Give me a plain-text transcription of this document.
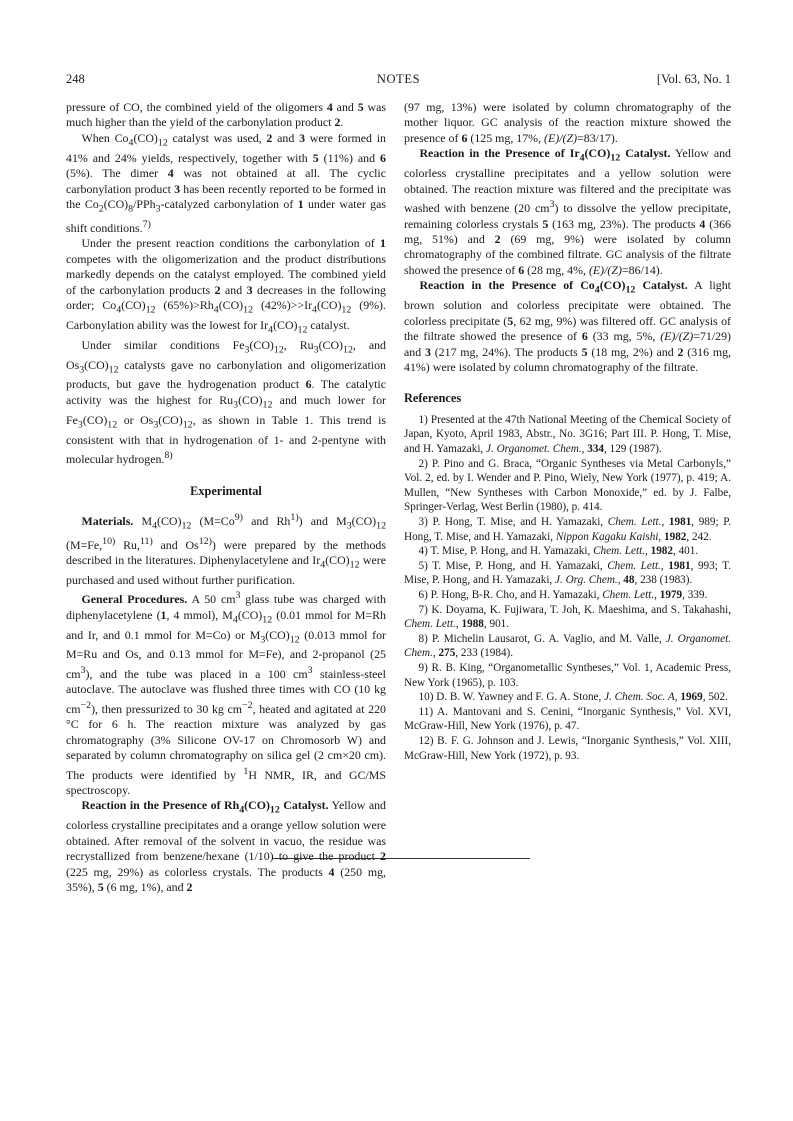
248	NOTES	[Vol. 63, No. 1

pressure of CO, the combined yield of the oligomers 4 and 5 was much higher than the yield of the carbonylation product 2.

When $Co_4(CO)_{12}$ catalyst was used, 2 and 3 were formed in 41% and 24% yields, respectively, together with 5 (11%) and 6 (5%). The dimer 4 was not obtained at all. The cyclic carbonylation product 3 has been recently reported to be formed in the $Co_2(CO)_8/PPh_3$-catalyzed carbonylation of 1 under water gas shift conditions.$^{7)}$

Under the present reaction conditions the carbonylation of 1 competes with the oligomerization and the product distributions markedly depends on the catalyst employed. The combined yield of the carbonylation products 2 and 3 decreases in the following order; $Co_4(CO)_{12}$ $(65\%)>Rh_4(CO)_{12}$ $(42\%)>>Ir_4(CO)_{12}$ (9%). Carbonylation ability was the lowest for $Ir_4(CO)_{12}$ catalyst.

Under similar conditions $Fe_3(CO)_{12}$, $Ru_3(CO)_{12}$, and $Os_3(CO)_{12}$ catalysts gave no carbonylation and oligomerization products, but gave the hydrogenation product 6. The catalytic activity was the highest for $Ru_3(CO)_{12}$ and much lower for $Fe_3(CO)_{12}$ or $Os_3(CO)_{12}$, as shown in Table 1. This trend is consistent with that in hydrogenation of 1- and 2-pentyne with molecular hydrogen.$^{8)}$

Experimental

Materials. $M_4(CO)_{12}$ ($M=Co^{9)}$ and Rh$^{1)}$) and $M_3(CO)_{12}$ (M=Fe,$^{10)}$ Ru,$^{11)}$ and Os$^{12)}$) were prepared by the methods described in the literatures. Diphenylacetylene and $Ir_4(CO)_{12}$ were purchased and used without further purification.

General Procedures. A 50 $cm^3$ glass tube was charged with diphenylacetylene (1, 4 mmol), $M_4(CO)_{12}$ (0.01 mmol for M=Rh and Ir, and 0.1 mmol for M=Co) or $M_3(CO)_{12}$ (0.013 mmol for M=Ru and Os, and 0.13 mmol for M=Fe), and 2-propanol (25 $cm^3$), and the tube was placed in a 100 $cm^3$ stainless-steel autoclave. The autoclave was flushed three times with CO (10 kg $cm^{-2}$), then pressurized to 30 kg $cm^{-2}$, heated and agitated at 220 °C for 6 h. The reaction mixture was analyzed by gas chromatography (3% Silicone OV-17 on Chromosorb W) and separated by column chromatography on silica gel (2 cm×20 cm). The products were identified by $^1$H NMR, IR, and GC/MS spectroscopy.

Reaction in the Presence of $Rh_4(CO)_{12}$ Catalyst. Yellow and colorless crystalline precipitates and a orange yellow solution were obtained. After removal of the solvent in vacuo, the residue was recrystallized from benzene/hexane (1/10) to give the product 2 (225 mg, 29%) as colorless crystals. The products 4 (250 mg, 35%), 5 (6 mg, 1%), and 2

(97 mg, 13%) were isolated by column chromatography of the mother liquor. GC analysis of the reaction mixture showed the presence of 6 (125 mg, 17%, (E)/(Z)=83/17).

Reaction in the Presence of $Ir_4(CO)_{12}$ Catalyst. Yellow and colorless crystalline precipitates and a yellow solution were obtained. The reaction mixture was filtered and the precipitate was washed with benzene (20 $cm^3$) to dissolve the yellow precipitate, remaining colorless crystals 5 (163 mg, 23%). The products 4 (366 mg, 51%) and 2 (69 mg, 9%) were isolated by column chromatography of the combined filtrate. GC analysis of the filtrate showed the presence of 6 (28 mg, 4%, (E)/(Z)=86/14).

Reaction in the Presence of $Co_4(CO)_{12}$ Catalyst. A light brown solution and colorless precipitate were obtained. The colorless precipitate (5, 62 mg, 9%) was filtered off. GC analysis of the filtrate showed the presence of 6 (33 mg, 5%, (E)/(Z)=71/29) and 3 (217 mg, 24%). The products 5 (18 mg, 2%) and 2 (316 mg, 41%) were isolated by column chromatography of the filtrate.

References

1) Presented at the 47th National Meeting of the Chemical Society of Japan, Kyoto, April 1983, Abstr., No. 3G16; Part III. P. Hong, T. Mise, and H. Yamazaki, J. Organomet. Chem., 334, 129 (1987).

2) P. Pino and G. Braca, “Organic Syntheses via Metal Carbonyls,” Vol. 2, ed. by I. Wender and P. Pino, Wiely, New York (1977), p. 419; A. Mullen, “New Syntheses with Carbon Monoxide,” ed. by J. Falbe, Springer-Verlag, West Berlin (1980), p. 414.

3) P. Hong, T. Mise, and H. Yamazaki, Chem. Lett., 1981, 989; P. Hong, T. Mise, and H. Yamazaki, Nippon Kagaku Kaishi, 1982, 242.

4) T. Mise, P. Hong, and H. Yamazaki, Chem. Lett., 1982, 401.

5) T. Mise, P. Hong, and H. Yamazaki, Chem. Lett., 1981, 993; T. Mise, P. Hong, and H. Yamazaki, J. Org. Chem., 48, 238 (1983).

6) P. Hong, B-R. Cho, and H. Yamazaki, Chem. Lett., 1979, 339.

7) K. Doyama, K. Fujiwara, T. Joh, K. Maeshima, and S. Takahashi, Chem. Lett., 1988, 901.

8) P. Michelin Lausarot, G. A. Vaglio, and M. Valle, J. Organomet. Chem., 275, 233 (1984).

9) R. B. King, “Organometallic Syntheses,” Vol. 1, Academic Press, New York (1965), p. 103.

10) D. B. W. Yawney and F. G. A. Stone, J. Chem. Soc. A, 1969, 502.

11) A. Mantovani and S. Cenini, “Inorganic Synthesis,” Vol. XVI, McGraw-Hill, New York (1976), p. 47.

12) B. F. G. Johnson and J. Lewis, “Inorganic Synthesis,” Vol. XIII, McGraw-Hill, New York (1972), p. 93.
